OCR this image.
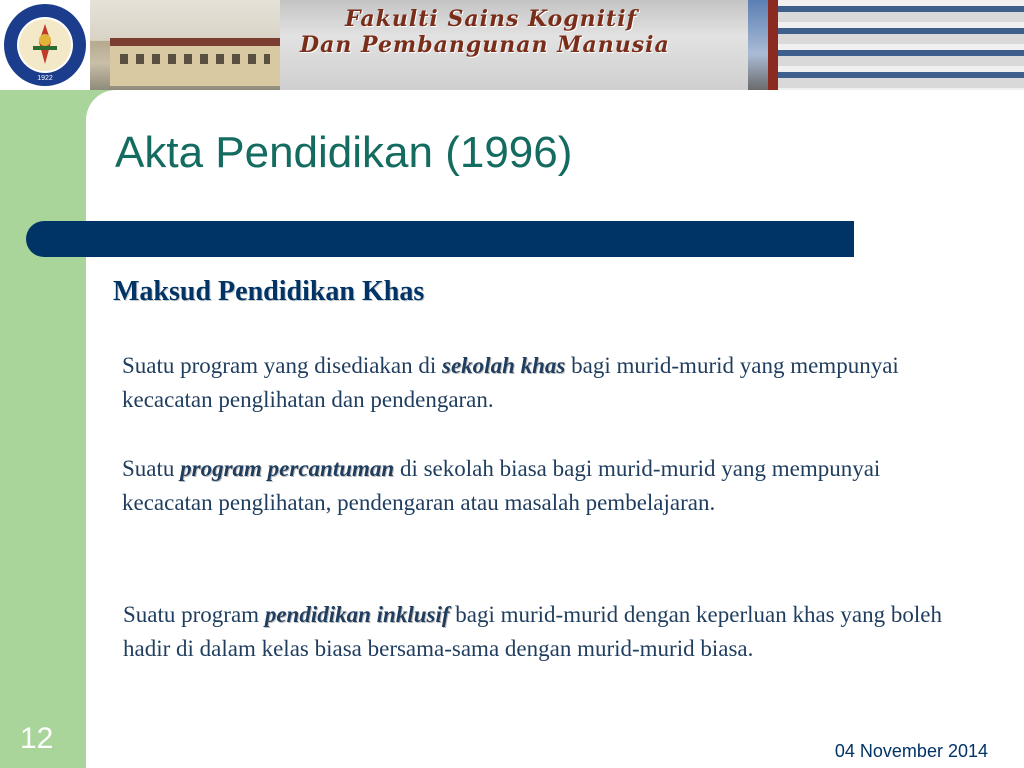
1922
Fakulti Sains Kognitif
Dan Pembangunan Manusia
12
Akta Pendidikan (1996)
Maksud Pendidikan Khas

Suatu program yang disediakan di sekolah khas bagi murid-murid yang mempunyai kecacatan penglihatan dan pendengaran.

Suatu program percantuman di sekolah biasa bagi murid-murid yang mempunyai kecacatan penglihatan, pendengaran atau masalah pembelajaran.

Suatu program pendidikan inklusif bagi murid-murid dengan keperluan khas yang boleh hadir di dalam kelas biasa bersama-sama dengan murid-murid biasa.

04 November 2014
